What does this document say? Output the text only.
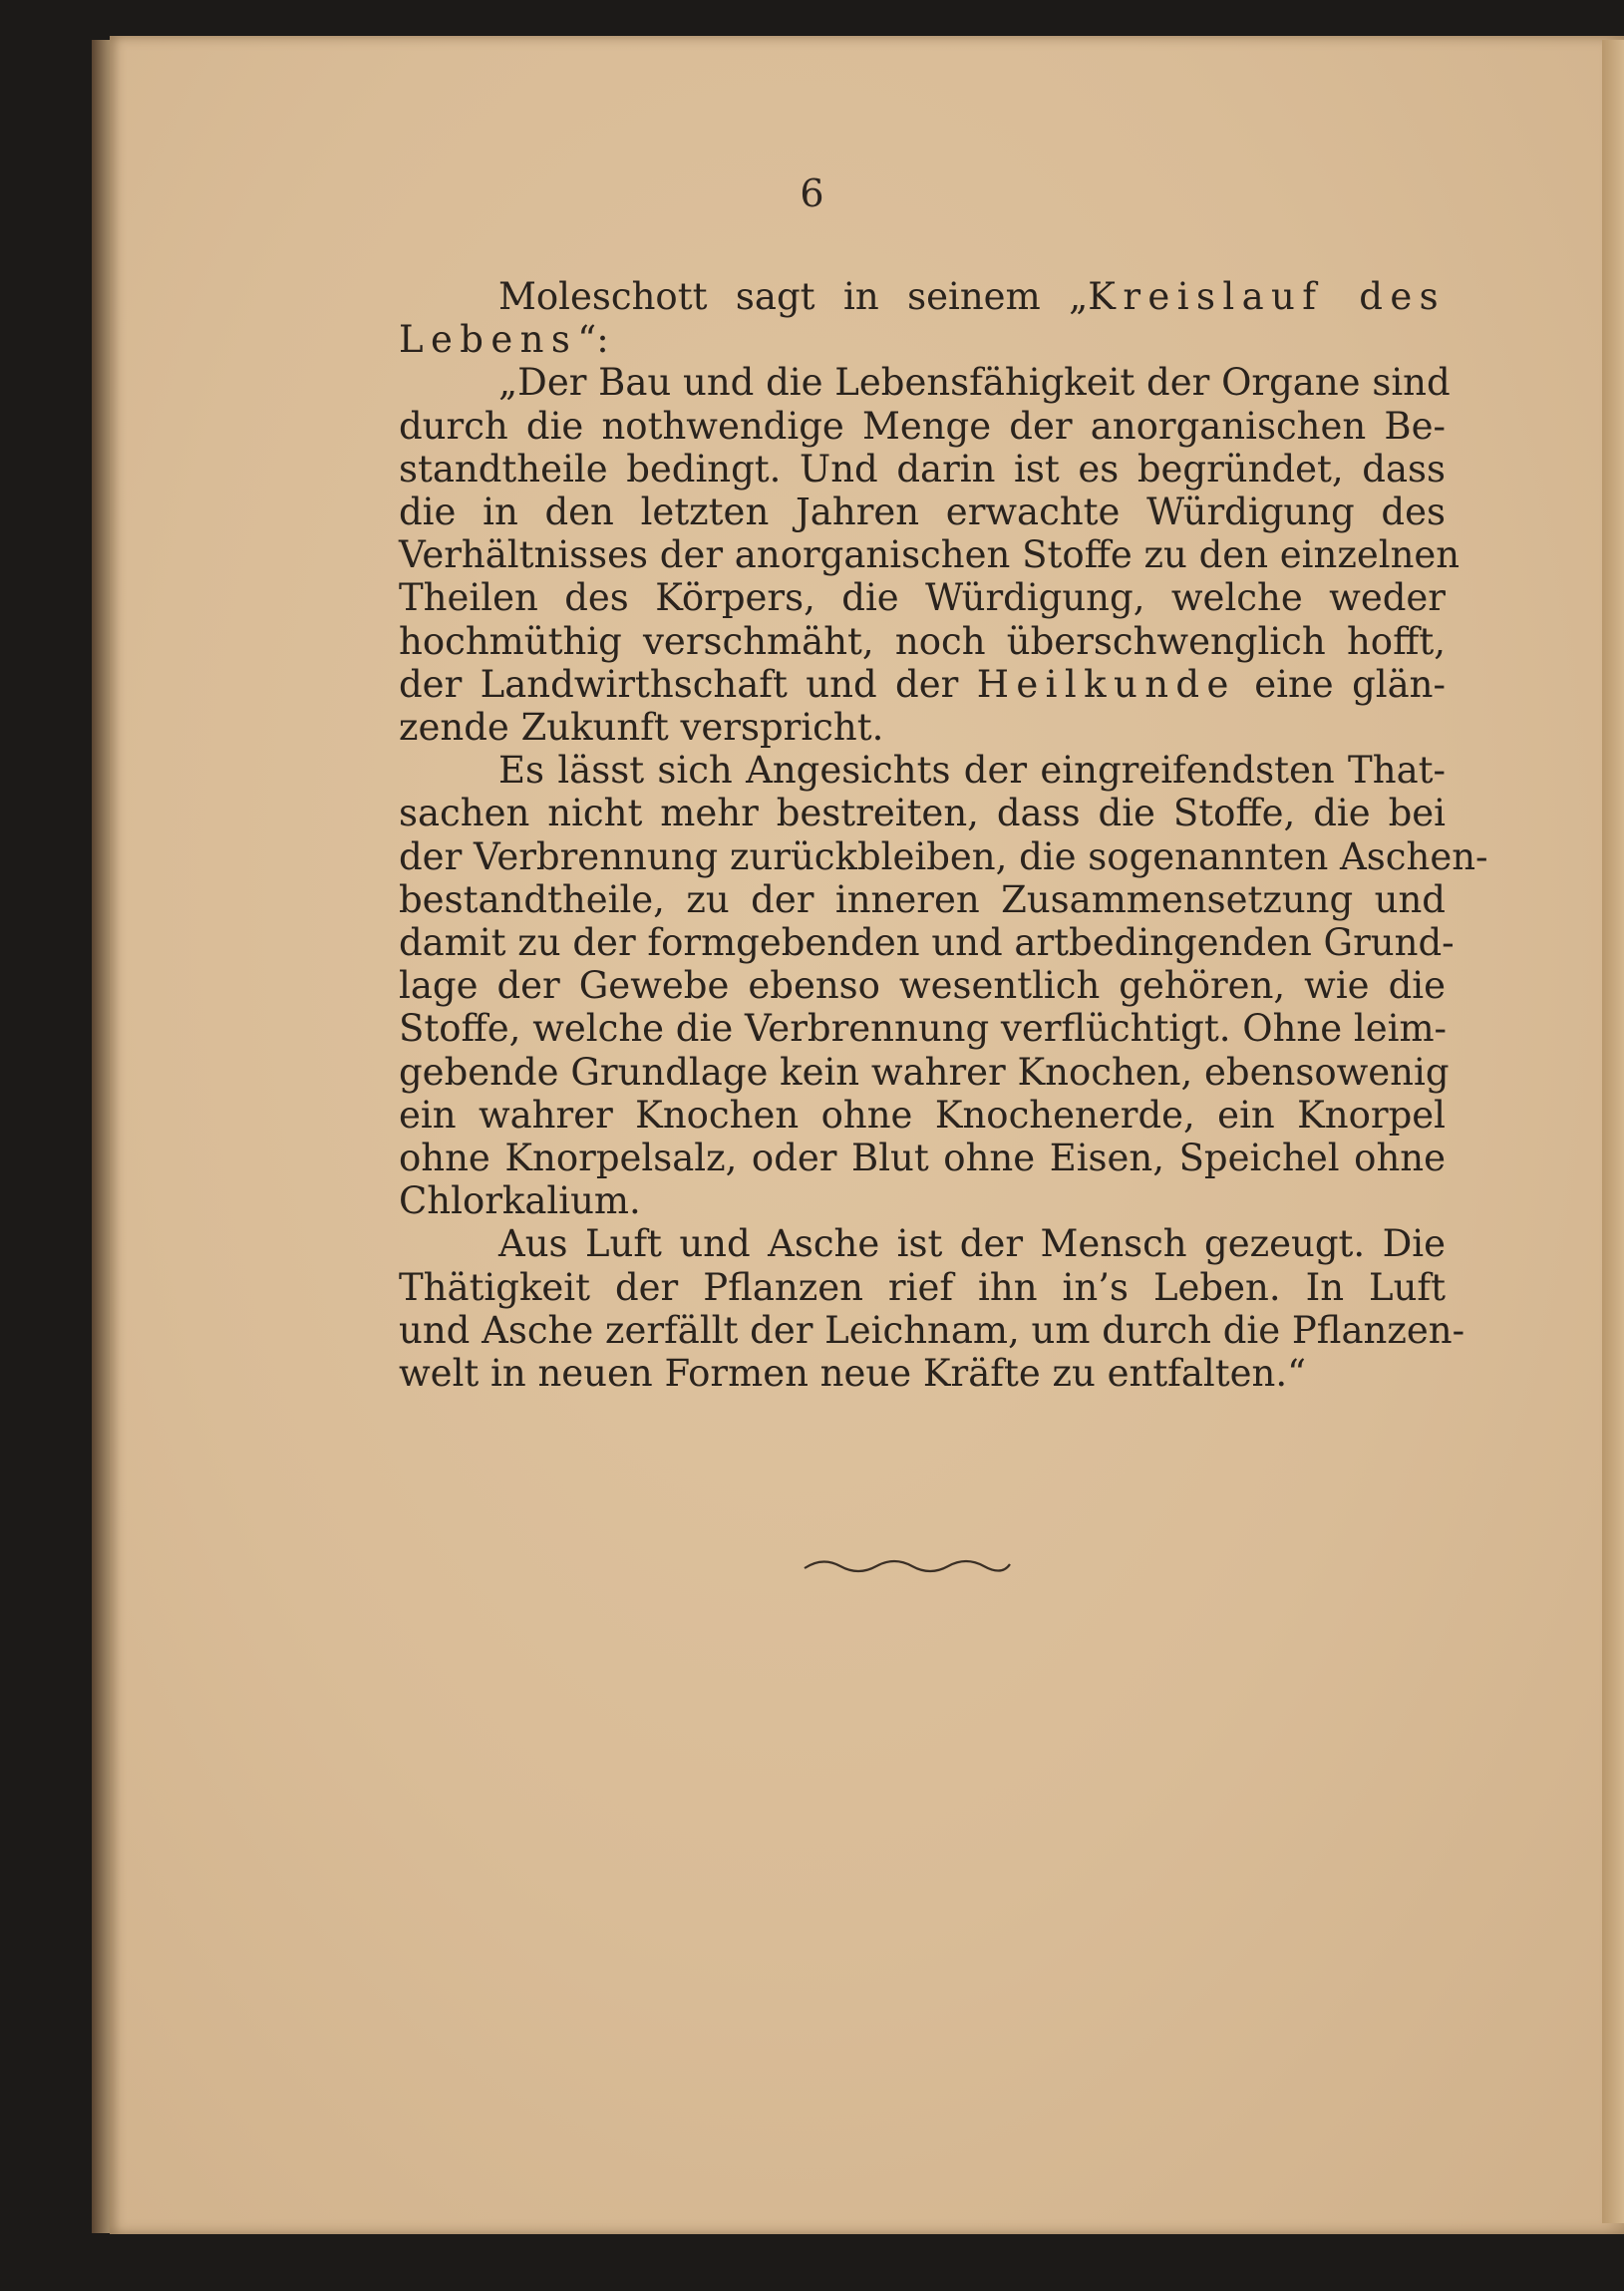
6
Moleschott sagt in seinem „Kreislauf des
Lebens“:
„Der Bau und die Lebensfähigkeit der Organe sind
durch die nothwendige Menge der anorganischen Be-
standtheile bedingt. Und darin ist es begründet, dass
die in den letzten Jahren erwachte Würdigung des
Verhältnisses der anorganischen Stoffe zu den einzelnen
Theilen des Körpers, die Würdigung, welche weder
hochmüthig verschmäht, noch überschwenglich hofft,
der Landwirthschaft und der Heilkunde eine glän-
zende Zukunft verspricht.
Es lässt sich Angesichts der eingreifendsten That-
sachen nicht mehr bestreiten, dass die Stoffe, die bei
der Verbrennung zurückbleiben, die sogenannten Aschen-
bestandtheile, zu der inneren Zusammensetzung und
damit zu der formgebenden und artbedingenden Grund-
lage der Gewebe ebenso wesentlich gehören, wie die
Stoffe, welche die Verbrennung verflüchtigt. Ohne leim-
gebende Grundlage kein wahrer Knochen, ebensowenig
ein wahrer Knochen ohne Knochenerde, ein Knorpel
ohne Knorpelsalz, oder Blut ohne Eisen, Speichel ohne
Chlorkalium.
Aus Luft und Asche ist der Mensch gezeugt. Die
Thätigkeit der Pflanzen rief ihn in’s Leben. In Luft
und Asche zerfällt der Leichnam, um durch die Pflanzen-
welt in neuen Formen neue Kräfte zu entfalten.“
